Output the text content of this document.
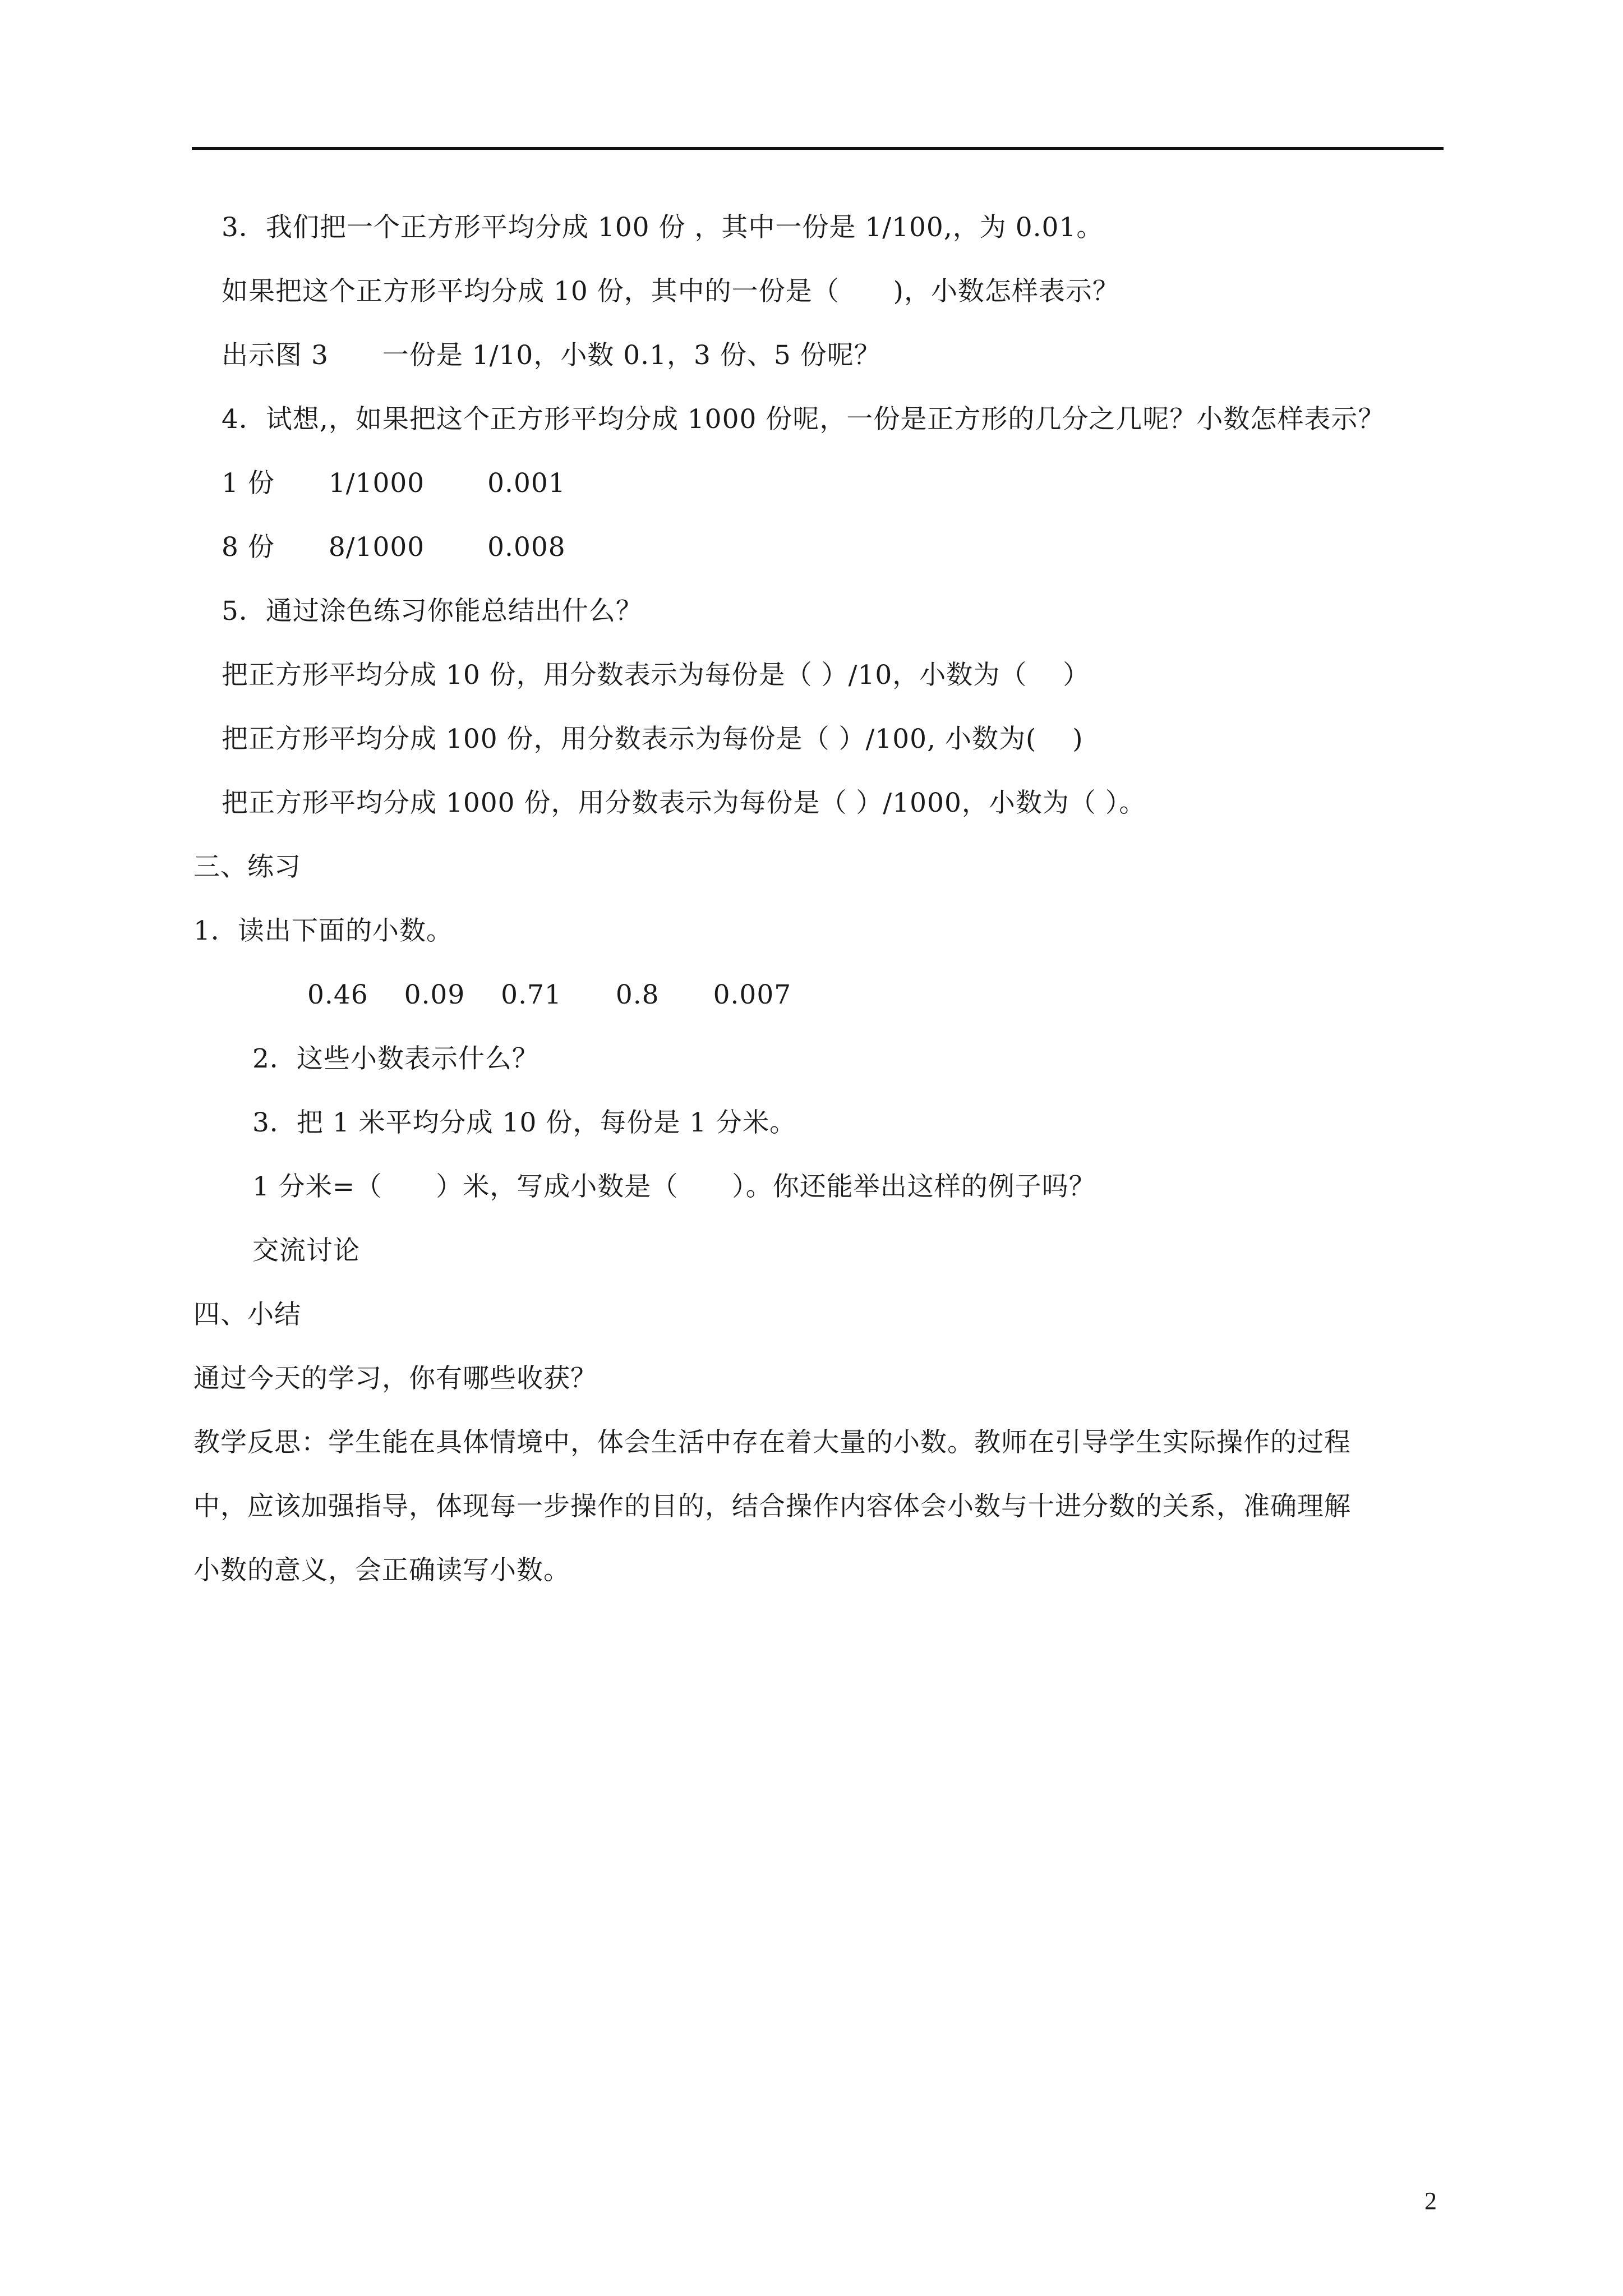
3．我们把一个正方形平均分成 100 份 ，其中一份是 1/100,，为 0.01。
如果把这个正方形平均分成 10 份，其中的一份是（　　)，小数怎样表示？
出示图 3　　一份是 1/10，小数 0.1，3 份、5 份呢？
4．试想,，如果把这个正方形平均分成 1000 份呢，一份是正方形的几分之几呢？小数怎样表示？
1 份　　1/1000　　 0.001
8 份　　8/1000　　 0.008
5．通过涂色练习你能总结出什么？
把正方形平均分成 10 份，用分数表示为每份是（ ）/10，小数为（　 ）
把正方形平均分成 100 份，用分数表示为每份是（ ）/100, 小数为(　 )
把正方形平均分成 1000 份，用分数表示为每份是（ ）/1000，小数为（ ）。
三、练习
1．读出下面的小数。
0.46　 0.09　 0.71　　0.8　　0.007
2．这些小数表示什么？
3．把 1 米平均分成 10 份，每份是 1 分米。
1 分米=（　　）米，写成小数是（　　）。你还能举出这样的例子吗？
交流讨论
四、小结
通过今天的学习，你有哪些收获？
教学反思：学生能在具体情境中，体会生活中存在着大量的小数。教师在引导学生实际操作的过程
中，应该加强指导，体现每一步操作的目的，结合操作内容体会小数与十进分数的关系，准确理解
小数的意义，会正确读写小数。
2
